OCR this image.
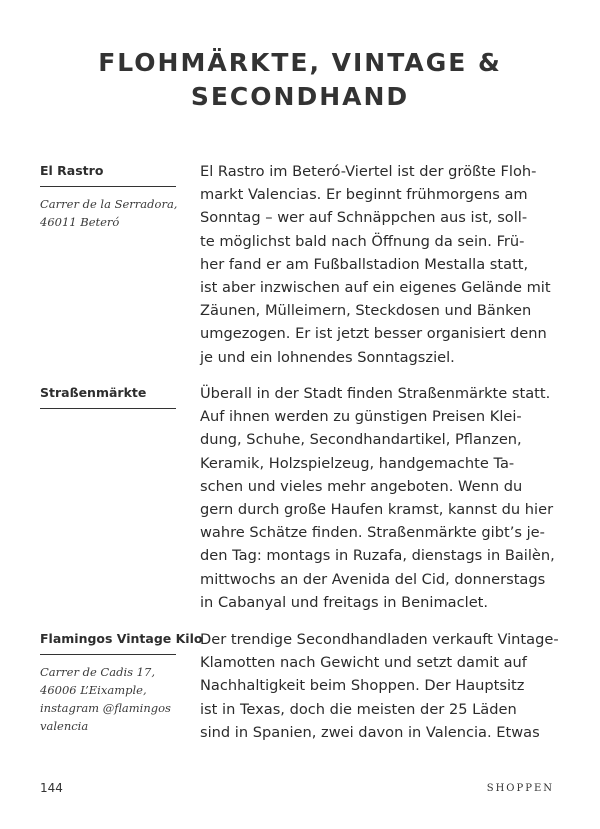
FLOHMÄRKTE, VINTAGE &
SECONDHAND
El Rastro
Carrer de la Serradora,
46011 Beteró
El Rastro im Beteró-Viertel ist der größte Floh-
markt Valencias. Er beginnt frühmorgens am
Sonntag – wer auf Schnäppchen aus ist, soll-
te möglichst bald nach Öffnung da sein. Frü-
her fand er am Fußballstadion Mestalla statt,
ist aber inzwischen auf ein eigenes Gelände mit
Zäunen, Mülleimern, Steckdosen und Bänken
umgezogen. Er ist jetzt besser organisiert denn
je und ein lohnendes Sonntagsziel.
Straßenmärkte	Überall in der Stadt finden Straßenmärkte statt.
Auf ihnen werden zu günstigen Preisen Klei-
dung, Schuhe, Secondhandartikel, Pflanzen,
Keramik, Holzspielzeug, handgemachte Ta-
schen und vieles mehr angeboten. Wenn du
gern durch große Haufen kramst, kannst du hier
wahre Schätze finden. Straßenmärkte gibt’s je-
den Tag: montags in Ruzafa, dienstags in Bailèn,
mittwochs an der Avenida del Cid, donnerstags
in Cabanyal und freitags in Benimaclet.
Flamingos Vintage Kilo
Carrer de Cadis 17,
46006 L’Eixample,
instagram @flamingos
valencia
Der trendige Secondhandladen verkauft Vintage-
Klamotten nach Gewicht und setzt damit auf
Nachhaltigkeit beim Shoppen. Der Hauptsitz
ist in Texas, doch die meisten der 25 Läden
sind in Spanien, zwei davon in Valencia. Etwas
144	SHOPPEN
